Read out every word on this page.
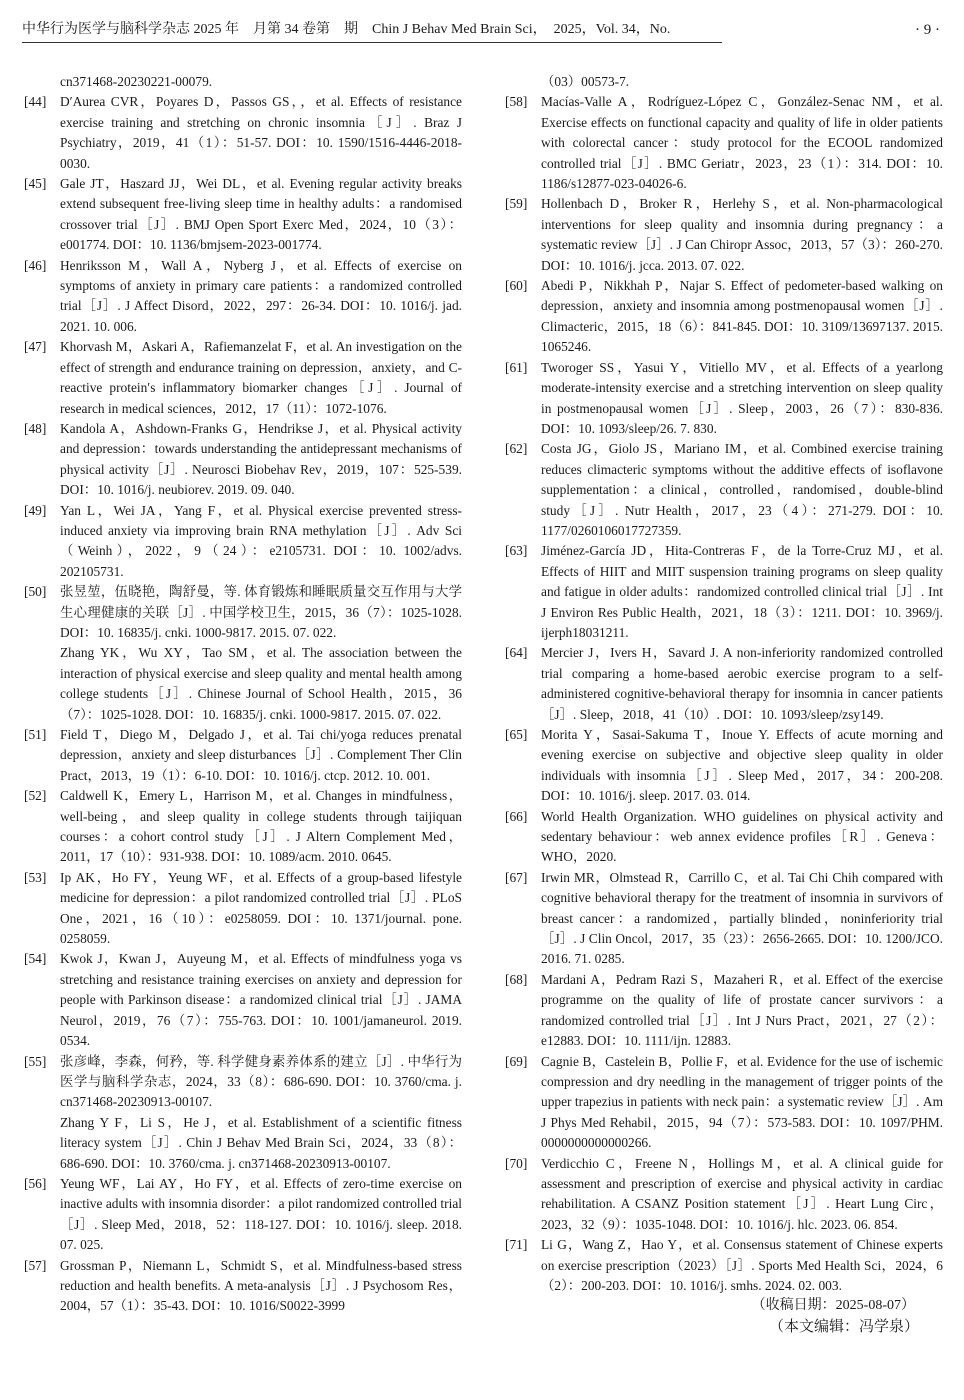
中华行为医学与脑科学杂志 2025 年　月第 34 卷第　期　Chin J Behav Med Brain Sci，　2025，Vol. 34，No.	· 9 ·
cn371468-20230221-00079.
[44]	D′Aurea CVR，Poyares D，Passos GS，，et al. Effects of resistance exercise training and stretching on chronic insomnia［J］. Braz J Psychiatry，2019，41（1）：51-57. DOI：10. 1590/1516-4446-2018-0030.
[45]	Gale JT，Haszard JJ，Wei DL，et al. Evening regular activity breaks extend subsequent free-living sleep time in healthy adults：a randomised crossover trial［J］. BMJ Open Sport Exerc Med，2024，10（3）：e001774. DOI：10. 1136/bmjsem-2023-001774.
[46]	Henriksson M，Wall A，Nyberg J，et al. Effects of exercise on symptoms of anxiety in primary care patients：a randomized controlled trial［J］. J Affect Disord，2022，297：26-34. DOI：10. 1016/j. jad. 2021. 10. 006.
[47]	Khorvash M，Askari A，Rafiemanzelat F，et al. An investigation on the effect of strength and endurance training on depression，anxiety，and C-reactive protein′s inflammatory biomarker changes［J］. Journal of research in medical sciences，2012，17（11）：1072-1076.
[48]	Kandola A，Ashdown-Franks G，Hendrikse J，et al. Physical activity and depression：towards understanding the antidepressant mechanisms of physical activity［J］. Neurosci Biobehav Rev，2019，107：525-539. DOI：10. 1016/j. neubiorev. 2019. 09. 040.
[49]	Yan L，Wei JA，Yang F，et al. Physical exercise prevented stress-induced anxiety via improving brain RNA methylation［J］. Adv Sci（Weinh），2022，9（24）：e2105731. DOI：10. 1002/advs. 202105731.
[50]	张昱堃，伍晓艳，陶舒曼，等. 体育锻炼和睡眠质量交互作用与大学生心理健康的关联［J］. 中国学校卫生，2015，36（7）：1025-1028. DOI：10. 16835/j. cnki. 1000-9817. 2015. 07. 022.
Zhang YK，Wu XY，Tao SM，et al. The association between the interaction of physical exercise and sleep quality and mental health among college students［J］. Chinese Journal of School Health，2015，36（7）：1025-1028. DOI：10. 16835/j. cnki. 1000-9817. 2015. 07. 022.
[51]	Field T，Diego M，Delgado J，et al. Tai chi/yoga reduces prenatal depression，anxiety and sleep disturbances［J］. Complement Ther Clin Pract，2013，19（1）：6-10. DOI：10. 1016/j. ctcp. 2012. 10. 001.
[52]	Caldwell K，Emery L，Harrison M，et al. Changes in mindfulness，well-being，and sleep quality in college students through taijiquan courses：a cohort control study［J］. J Altern Complement Med，2011，17（10）：931-938. DOI：10. 1089/acm. 2010. 0645.
[53]	Ip AK，Ho FY，Yeung WF，et al. Effects of a group-based lifestyle medicine for depression：a pilot randomized controlled trial［J］. PLoS One，2021，16（10）：e0258059. DOI：10. 1371/journal. pone. 0258059.
[54]	Kwok J，Kwan J，Auyeung M，et al. Effects of mindfulness yoga vs stretching and resistance training exercises on anxiety and depression for people with Parkinson disease：a randomized clinical trial［J］. JAMA Neurol，2019，76（7）：755-763. DOI：10. 1001/jamaneurol. 2019. 0534.
[55]	张彦峰，李森，何矜，等. 科学健身素养体系的建立［J］. 中华行为医学与脑科学杂志，2024，33（8）：686-690. DOI：10. 3760/cma. j. cn371468-20230913-00107.
Zhang Y F，Li S，He J，et al. Establishment of a scientific fitness literacy system［J］. Chin J Behav Med Brain Sci，2024，33（8）：686-690. DOI：10. 3760/cma. j. cn371468-20230913-00107.
[56]	Yeung WF，Lai AY，Ho FY，et al. Effects of zero-time exercise on inactive adults with insomnia disorder：a pilot randomized controlled trial［J］. Sleep Med，2018，52：118-127. DOI：10. 1016/j. sleep. 2018. 07. 025.
[57]	Grossman P，Niemann L，Schmidt S，et al. Mindfulness-based stress reduction and health benefits. A meta-analysis［J］. J Psychosom Res，2004，57（1）：35-43. DOI：10. 1016/S0022-3999
（03）00573-7.
[58]	Macías-Valle A，Rodríguez-López C，González-Senac NM，et al. Exercise effects on functional capacity and quality of life in older patients with colorectal cancer：study protocol for the ECOOL randomized controlled trial［J］. BMC Geriatr，2023，23（1）：314. DOI：10. 1186/s12877-023-04026-6.
[59]	Hollenbach D，Broker R，Herlehy S，et al. Non-pharmacological interventions for sleep quality and insomnia during pregnancy：a systematic review［J］. J Can Chiropr Assoc，2013，57（3）：260-270. DOI：10. 1016/j. jcca. 2013. 07. 022.
[60]	Abedi P，Nikkhah P，Najar S. Effect of pedometer-based walking on depression，anxiety and insomnia among postmenopausal women［J］. Climacteric，2015，18（6）：841-845. DOI：10. 3109/13697137. 2015. 1065246.
[61]	Tworoger SS，Yasui Y，Vitiello MV，et al. Effects of a yearlong moderate-intensity exercise and a stretching intervention on sleep quality in postmenopausal women［J］. Sleep，2003，26（7）：830-836. DOI：10. 1093/sleep/26. 7. 830.
[62]	Costa JG，Giolo JS，Mariano IM，et al. Combined exercise training reduces climacteric symptoms without the additive effects of isoflavone supplementation：a clinical，controlled，randomised，double-blind study［J］. Nutr Health，2017，23（4）：271-279. DOI：10. 1177/0260106017727359.
[63]	Jiménez-García JD，Hita-Contreras F，de la Torre-Cruz MJ，et al. Effects of HIIT and MIIT suspension training programs on sleep quality and fatigue in older adults：randomized controlled clinical trial［J］. Int J Environ Res Public Health，2021，18（3）：1211. DOI：10. 3969/j. ijerph18031211.
[64]	Mercier J，Ivers H，Savard J. A non-inferiority randomized controlled trial comparing a home-based aerobic exercise program to a self-administered cognitive-behavioral therapy for insomnia in cancer patients［J］. Sleep，2018，41（10）. DOI：10. 1093/sleep/zsy149.
[65]	Morita Y，Sasai-Sakuma T，Inoue Y. Effects of acute morning and evening exercise on subjective and objective sleep quality in older individuals with insomnia［J］. Sleep Med，2017，34：200-208. DOI：10. 1016/j. sleep. 2017. 03. 014.
[66]	World Health Organization. WHO guidelines on physical activity and sedentary behaviour：web annex evidence profiles［R］. Geneva：WHO，2020.
[67]	Irwin MR，Olmstead R，Carrillo C，et al. Tai Chi Chih compared with cognitive behavioral therapy for the treatment of insomnia in survivors of breast cancer：a randomized，partially blinded，noninferiority trial［J］. J Clin Oncol，2017，35（23）：2656-2665. DOI：10. 1200/JCO. 2016. 71. 0285.
[68]	Mardani A，Pedram Razi S，Mazaheri R，et al. Effect of the exercise programme on the quality of life of prostate cancer survivors：a randomized controlled trial［J］. Int J Nurs Pract，2021，27（2）：e12883. DOI：10. 1111/ijn. 12883.
[69]	Cagnie B，Castelein B，Pollie F，et al. Evidence for the use of ischemic compression and dry needling in the management of trigger points of the upper trapezius in patients with neck pain：a systematic review［J］. Am J Phys Med Rehabil，2015，94（7）：573-583. DOI：10. 1097/PHM. 0000000000000266.
[70]	Verdicchio C，Freene N，Hollings M，et al. A clinical guide for assessment and prescription of exercise and physical activity in cardiac rehabilitation. A CSANZ Position statement［J］. Heart Lung Circ，2023，32（9）：1035-1048. DOI：10. 1016/j. hlc. 2023. 06. 854.
[71]	Li G，Wang Z，Hao Y，et al. Consensus statement of Chinese experts on exercise prescription（2023）［J］. Sports Med Health Sci，2024，6（2）：200-203. DOI：10. 1016/j. smhs. 2024. 02. 003.
（收稿日期：2025-08-07）
（本文编辑：冯学泉）
